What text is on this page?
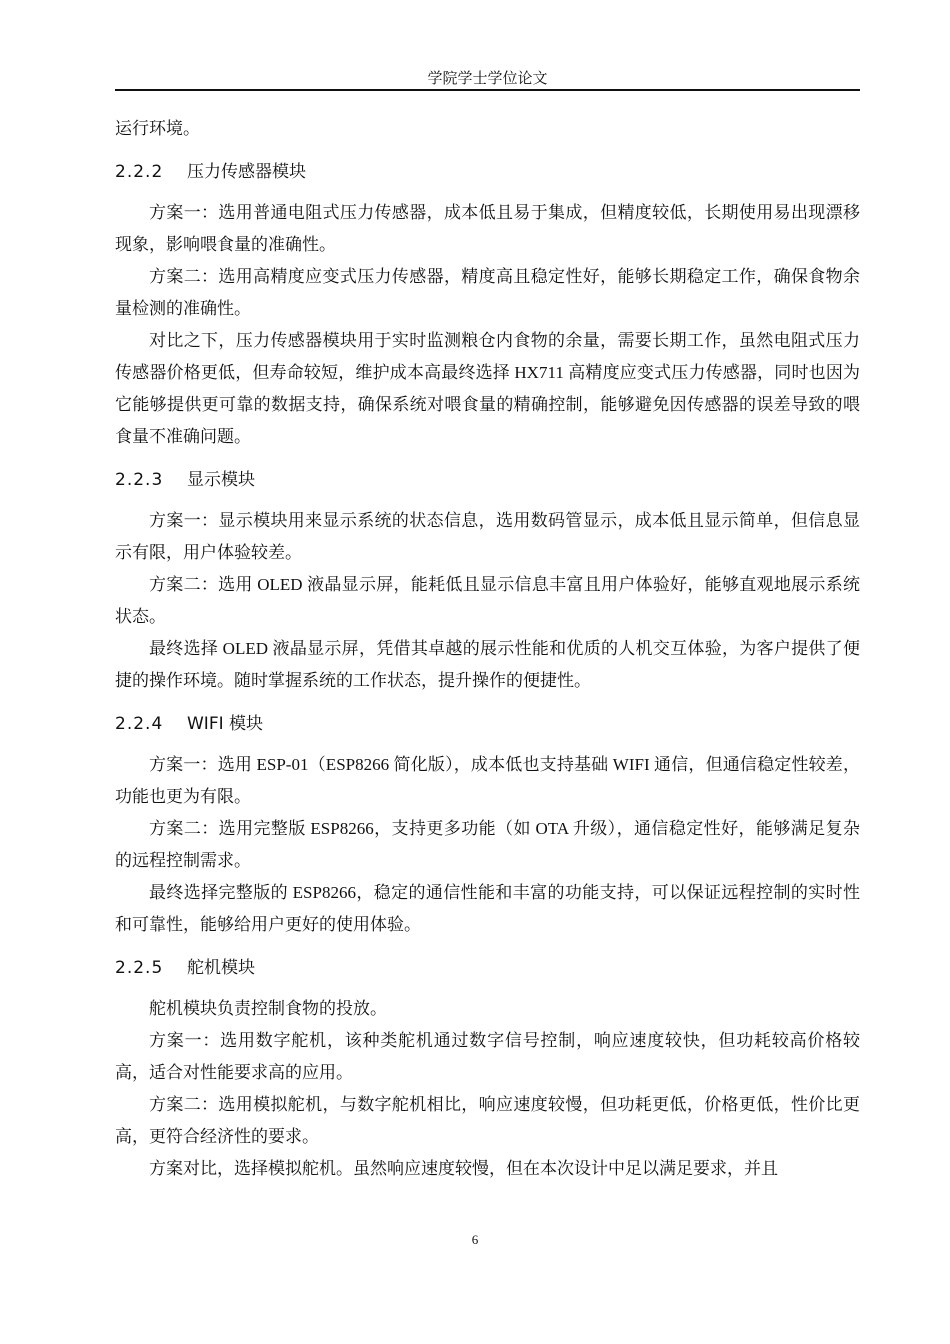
学院学士学位论文

运行环境。

2.2.2 压力传感器模块

方案一：选用普通电阻式压力传感器，成本低且易于集成，但精度较低，长期使用易出现漂移现象，影响喂食量的准确性。

方案二：选用高精度应变式压力传感器，精度高且稳定性好，能够长期稳定工作，确保食物余量检测的准确性。

对比之下，压力传感器模块用于实时监测粮仓内食物的余量，需要长期工作，虽然电阻式压力传感器价格更低，但寿命较短，维护成本高最终选择 HX711 高精度应变式压力传感器，同时也因为它能够提供更可靠的数据支持，确保系统对喂食量的精确控制，能够避免因传感器的误差导致的喂食量不准确问题。

2.2.3 显示模块

方案一：显示模块用来显示系统的状态信息，选用数码管显示，成本低且显示简单，但信息显示有限，用户体验较差。

方案二：选用 OLED 液晶显示屏，能耗低且显示信息丰富且用户体验好，能够直观地展示系统状态。

最终选择 OLED 液晶显示屏，凭借其卓越的展示性能和优质的人机交互体验，为客户提供了便捷的操作环境。随时掌握系统的工作状态，提升操作的便捷性。

2.2.4 WIFI 模块

方案一：选用 ESP-01（ESP8266 简化版），成本低也支持基础 WIFI 通信，但通信稳定性较差，功能也更为有限。

方案二：选用完整版 ESP8266，支持更多功能（如 OTA 升级），通信稳定性好，能够满足复杂的远程控制需求。

最终选择完整版的 ESP8266，稳定的通信性能和丰富的功能支持，可以保证远程控制的实时性和可靠性，能够给用户更好的使用体验。

2.2.5 舵机模块

舵机模块负责控制食物的投放。

方案一：选用数字舵机，该种类舵机通过数字信号控制，响应速度较快，但功耗较高价格较高，适合对性能要求高的应用。

方案二：选用模拟舵机，与数字舵机相比，响应速度较慢，但功耗更低，价格更低，性价比更高，更符合经济性的要求。

方案对比，选择模拟舵机。虽然响应速度较慢，但在本次设计中足以满足要求，并且

6
